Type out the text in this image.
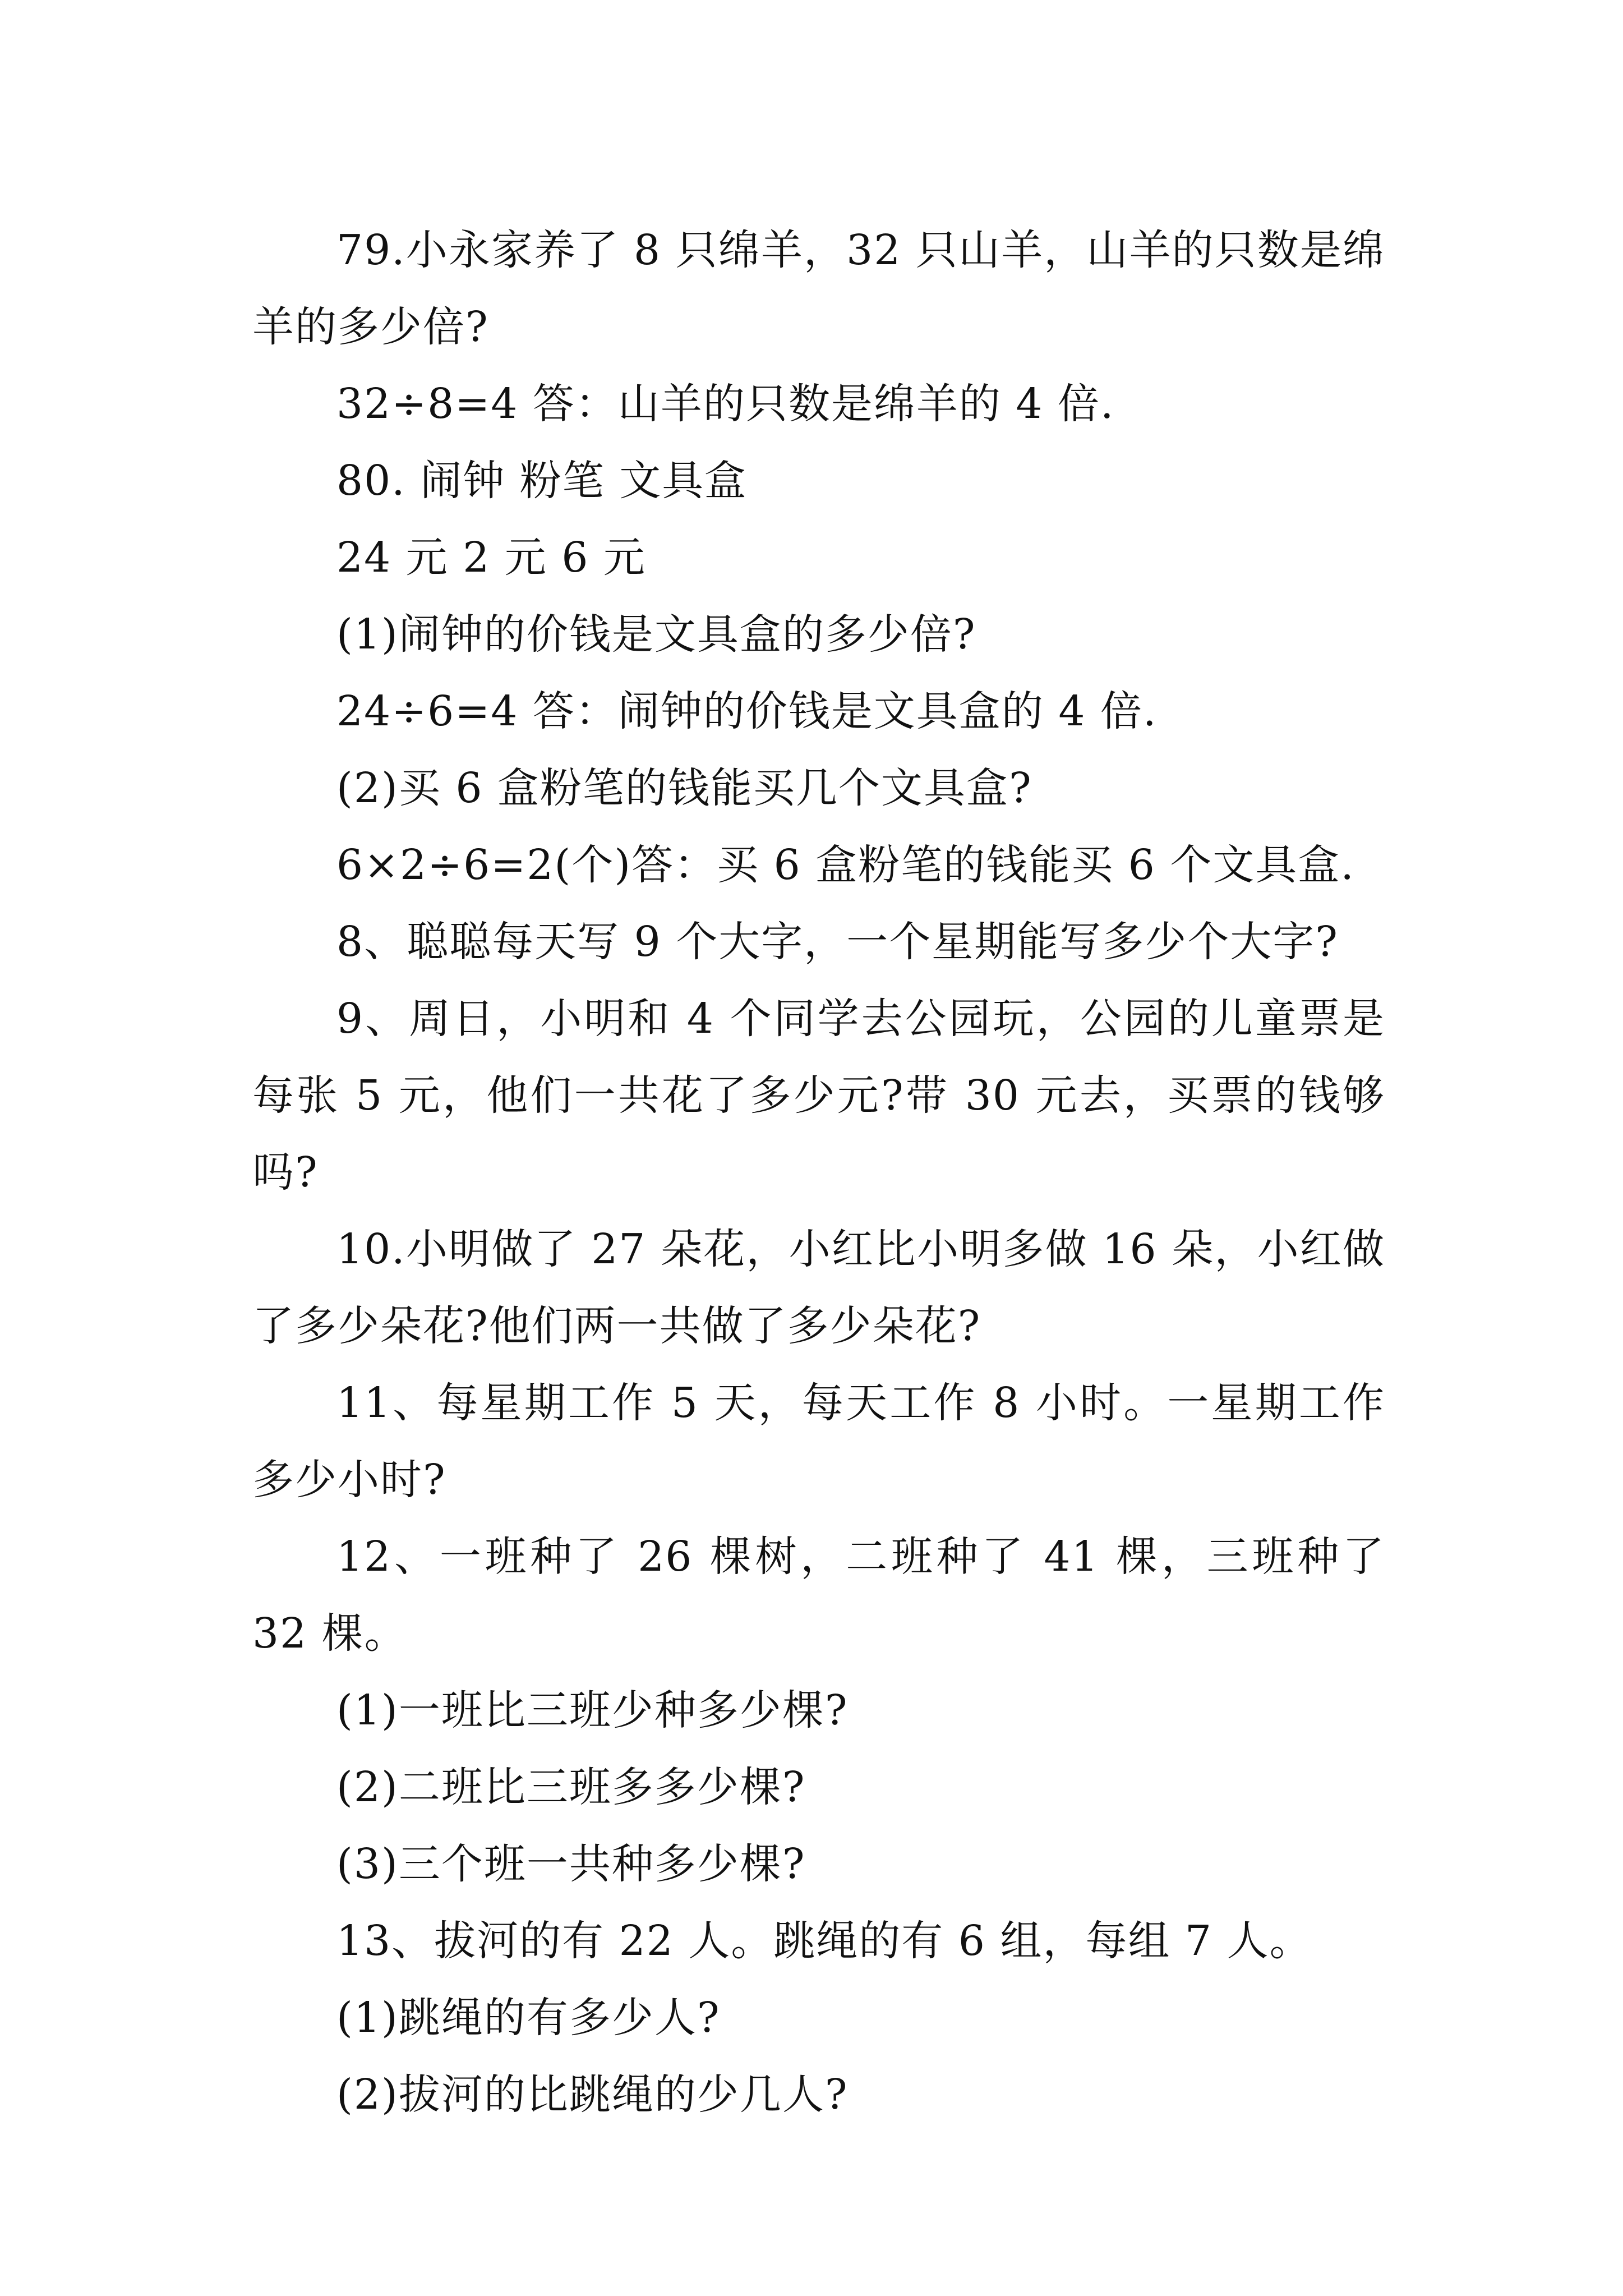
79.小永家养了 8 只绵羊，32 只山羊，山羊的只数是绵羊的多少倍?

32÷8=4 答：山羊的只数是绵羊的 4 倍.

80. 闹钟 粉笔 文具盒

24 元 2 元 6 元

(1)闹钟的价钱是文具盒的多少倍?

24÷6=4 答：闹钟的价钱是文具盒的 4 倍.

(2)买 6 盒粉笔的钱能买几个文具盒?

6×2÷6=2(个)答：买 6 盒粉笔的钱能买 6 个文具盒.

8、聪聪每天写 9 个大字，一个星期能写多少个大字?

9、周日，小明和 4 个同学去公园玩，公园的儿童票是每张 5 元，他们一共花了多少元?带 30 元去，买票的钱够吗?

10.小明做了 27 朵花，小红比小明多做 16 朵，小红做了多少朵花?他们两一共做了多少朵花?

11、每星期工作 5 天，每天工作 8 小时。一星期工作多少小时?

12、一班种了 26 棵树，二班种了 41 棵，三班种了 32 棵。

(1)一班比三班少种多少棵?

(2)二班比三班多多少棵?

(3)三个班一共种多少棵?

13、拔河的有 22 人。跳绳的有 6 组，每组 7 人。

(1)跳绳的有多少人?

(2)拔河的比跳绳的少几人?
